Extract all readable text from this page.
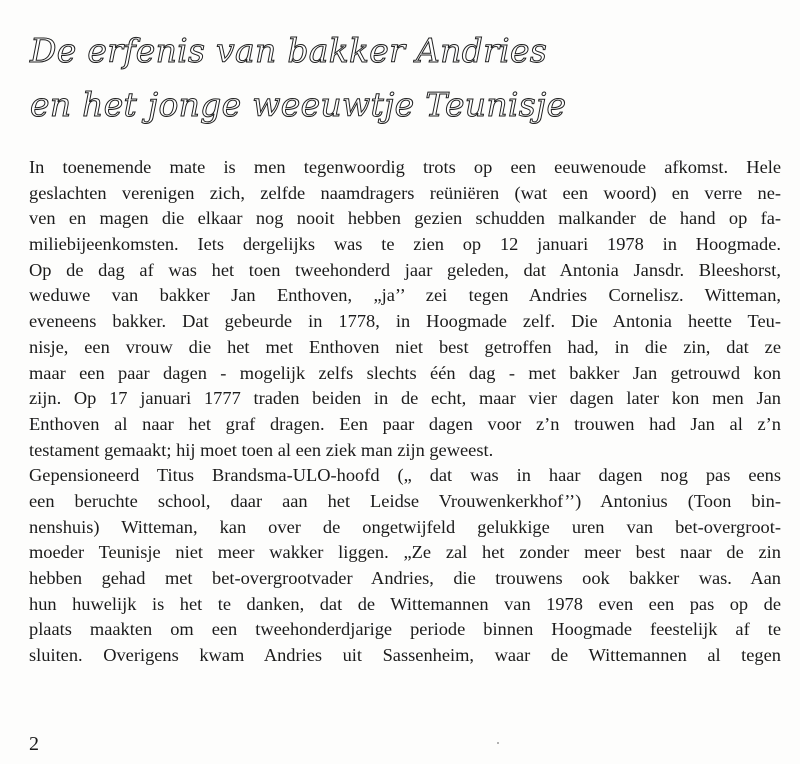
De erfenis van bakker Andries
en het jonge weeuwtje Teunisje
In toenemende mate is men tegenwoordig trots op een eeuwenoude afkomst. Hele
geslachten verenigen zich, zelfde naamdragers reüniëren (wat een woord) en verre ne-
ven en magen die elkaar nog nooit hebben gezien schudden malkander de hand op fa-
miliebijeenkomsten. Iets dergelijks was te zien op 12 januari 1978 in Hoogmade.
Op de dag af was het toen tweehonderd jaar geleden, dat Antonia Jansdr. Bleeshorst,
weduwe van bakker Jan Enthoven, „ja’’ zei tegen Andries Cornelisz. Witteman,
eveneens bakker. Dat gebeurde in 1778, in Hoogmade zelf. Die Antonia heette Teu-
nisje, een vrouw die het met Enthoven niet best getroffen had, in die zin, dat ze
maar een paar dagen - mogelijk zelfs slechts één dag - met bakker Jan getrouwd kon
zijn. Op 17 januari 1777 traden beiden in de echt, maar vier dagen later kon men Jan
Enthoven al naar het graf dragen. Een paar dagen voor z’n trouwen had Jan al z’n
testament gemaakt; hij moet toen al een ziek man zijn geweest.
Gepensioneerd Titus Brandsma-ULO-hoofd („ dat was in haar dagen nog pas eens
een beruchte school, daar aan het Leidse Vrouwenkerkhof’’) Antonius (Toon bin-
nenshuis) Witteman, kan over de ongetwijfeld gelukkige uren van bet-overgroot-
moeder Teunisje niet meer wakker liggen. „Ze zal het zonder meer best naar de zin
hebben gehad met bet-overgrootvader Andries, die trouwens ook bakker was. Aan
hun huwelijk is het te danken, dat de Wittemannen van 1978 even een pas op de
plaats maakten om een tweehonderdjarige periode binnen Hoogmade feestelijk af te
sluiten. Overigens kwam Andries uit Sassenheim, waar de Wittemannen al tegen
2
